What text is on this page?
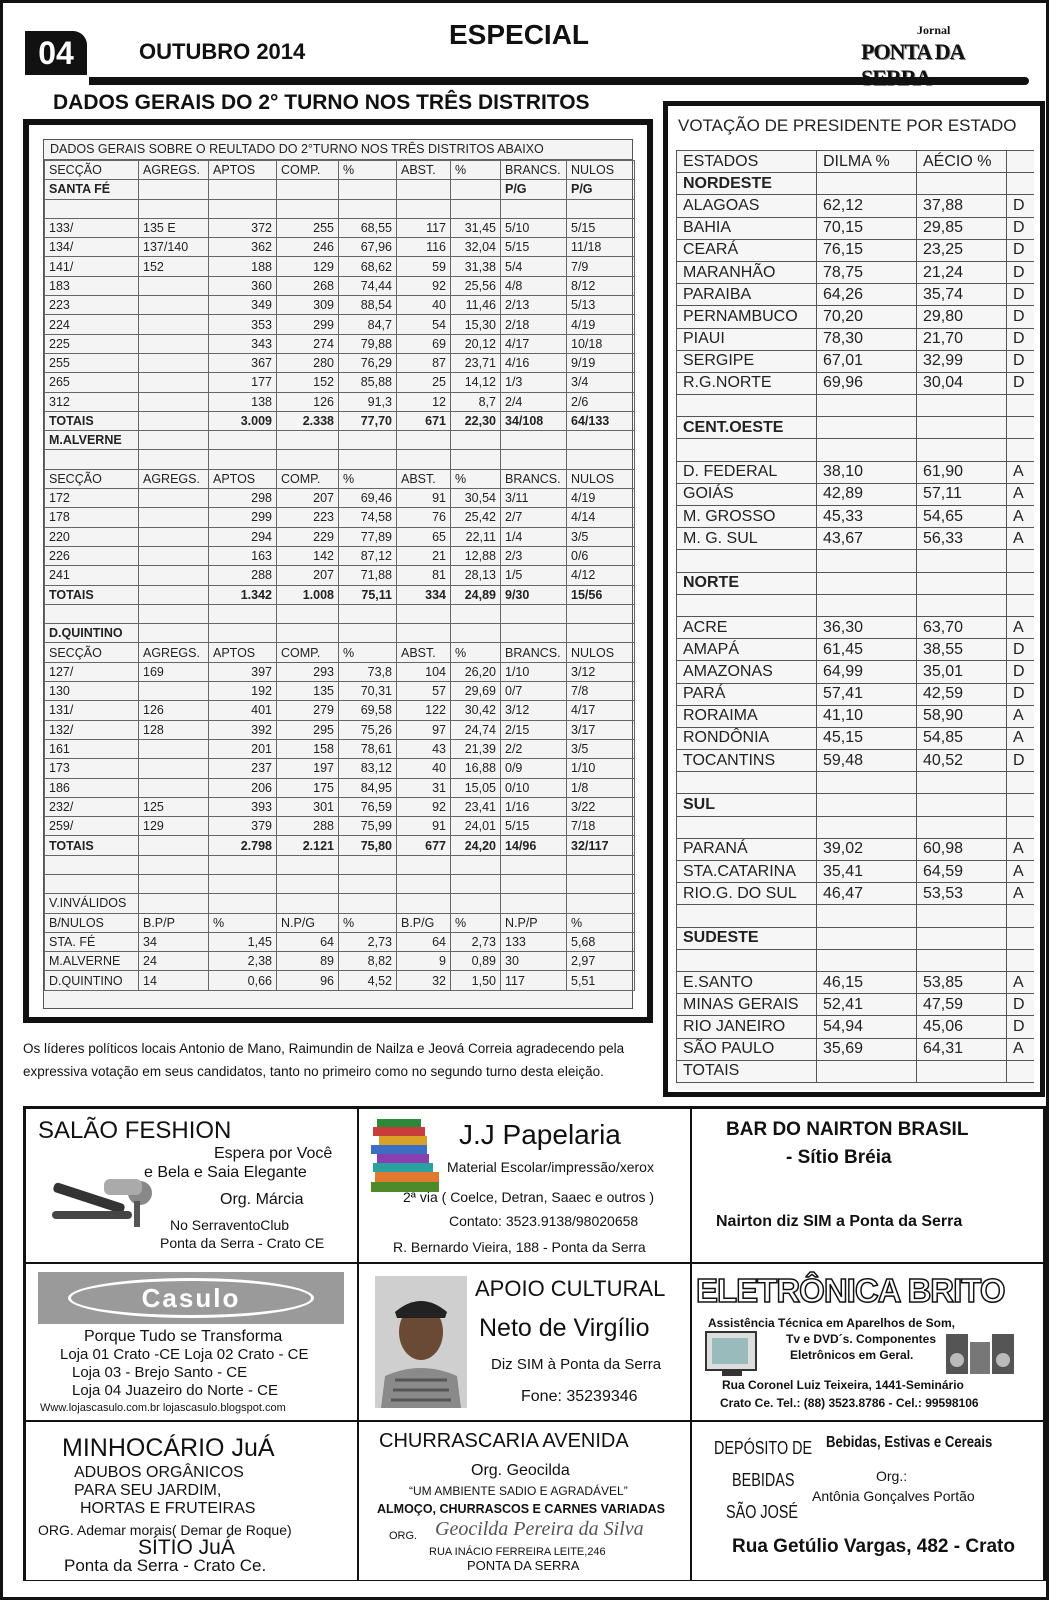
04	OUTUBRO 2014
ESPECIAL	Jornal
PONTA DA
DADOS GERAIS DO 2° TURNO NOS TRÊS DISTRITOS
DADOS GERAIS SOBRE O REULTADO DO 2°TURNO NOS TRÊS DISTRITOS ABAIXO
SECÇÃO	AGREGS.	APTOS	COMP.	%	ABST.	%	BRANCS.	NULOS
SANTA FÉ							P/G	P/G

133/	135 E	372	255	68,55	117	31,45	5/10	5/15
134/	137/140	362	246	67,96	116	32,04	5/15	11/18
141/	152	188	129	68,62	59	31,38	5/4	7/9
183		360	268	74,44	92	25,56	4/8	8/12
223		349	309	88,54	40	11,46	2/13	5/13
224		353	299	84,7	54	15,30	2/18	4/19
225		343	274	79,88	69	20,12	4/17	10/18
255		367	280	76,29	87	23,71	4/16	9/19
265		177	152	85,88	25	14,12	1/3	3/4
312		138	126	91,3	12	8,7	2/4	2/6
TOTAIS		3.009	2.338	77,70	671	22,30	34/108	64/133
M.ALVERNE								

SECÇÃO	AGREGS.	APTOS	COMP.	%	ABST.	%	BRANCS.	NULOS
172		298	207	69,46	91	30,54	3/11	4/19
178		299	223	74,58	76	25,42	2/7	4/14
220		294	229	77,89	65	22,11	1/4	3/5
226		163	142	87,12	21	12,88	2/3	0/6
241		288	207	71,88	81	28,13	1/5	4/12
TOTAIS		1.342	1.008	75,11	334	24,89	9/30	15/56

D.QUINTINO								
SECÇÃO	AGREGS.	APTOS	COMP.	%	ABST.	%	BRANCS.	NULOS
127/	169	397	293	73,8	104	26,20	1/10	3/12
130		192	135	70,31	57	29,69	0/7	7/8
131/	126	401	279	69,58	122	30,42	3/12	4/17
132/	128	392	295	75,26	97	24,74	2/15	3/17
161		201	158	78,61	43	21,39	2/2	3/5
173		237	197	83,12	40	16,88	0/9	1/10
186		206	175	84,95	31	15,05	0/10	1/8
232/	125	393	301	76,59	92	23,41	1/16	3/22
259/	129	379	288	75,99	91	24,01	5/15	7/18
TOTAIS		2.798	2.121	75,80	677	24,20	14/96	32/117

V.INVÁLIDOS								
B/NULOS	B.P/P	%	N.P/G	%	B.P/G	%	N.P/P	%
STA. FÉ	34	1,45	64	2,73	64	2,73	133	5,68
M.ALVERNE	24	2,38	89	8,82	9	0,89	30	2,97
D.QUINTINO	14	0,66	96	4,52	32	1,50	117	5,51
Os líderes políticos locais Antonio de Mano, Raimundin de Nailza e Jeová Correia agradecendo pela expressiva votação em seus candidatos, tanto no primeiro como no segundo turno desta eleição.
VOTAÇÃO DE PRESIDENTE POR ESTADO
ESTADOS	DILMA %	AÉCIO %	
NORDESTE			
ALAGOAS	62,12	37,88	D
BAHIA	70,15	29,85	D
CEARÁ	76,15	23,25	D
MARANHÃO	78,75	21,24	D
PARAIBA	64,26	35,74	D
PERNAMBUCO	70,20	29,80	D
PIAUI	78,30	21,70	D
SERGIPE	67,01	32,99	D
R.G.NORTE	69,96	30,04	D

CENT.OESTE			

D. FEDERAL	38,10	61,90	A
GOIÁS	42,89	57,11	A
M. GROSSO	45,33	54,65	A
M. G. SUL	43,67	56,33	A

NORTE			

ACRE	36,30	63,70	A
AMAPÁ	61,45	38,55	D
AMAZONAS	64,99	35,01	D
PARÁ	57,41	42,59	D
RORAIMA	41,10	58,90	A
RONDÔNIA	45,15	54,85	A
TOCANTINS	59,48	40,52	D

SUL			

PARANÁ	39,02	60,98	A
STA.CATARINA	35,41	64,59	A
RIO.G. DO SUL	46,47	53,53	A

SUDESTE			

E.SANTO	46,15	53,85	A
MINAS GERAIS	52,41	47,59	D
RIO JANEIRO	54,94	45,06	D
SÃO PAULO	35,69	64,31	A
TOTAIS			
SALÃO FESHION
Espera por Você
e Bela e Saia Elegante
Org. Márcia
No SerraventoClub
Ponta da Serra - Crato CE
J.J Papelaria
Material Escolar/impressão/xerox
2ª via ( Coelce, Detran, Saaec e outros )
Contato: 3523.9138/98020658
R. Bernardo Vieira, 188 - Ponta da Serra
BAR DO NAIRTON BRASIL
- Sítio Bréia
Nairton diz SIM a Ponta da Serra
Casulo
Porque Tudo se Transforma
Loja 01 Crato -CE Loja 02 Crato - CE
Loja 03 - Brejo Santo - CE
Loja 04 Juazeiro do Norte - CE
Www.lojascasulo.com.br lojascasulo.blogspot.com
APOIO CULTURAL
Neto de Virgílio
Diz SIM à Ponta da Serra
Fone: 35239346
ELETRÔNICA BRITO
Assistência Técnica em Aparelhos de Som,
Tv e DVD´s. Componentes
Eletrônicos em Geral.
Rua Coronel Luiz Teixeira, 1441-Seminário
Crato Ce. Tel.: (88) 3523.8786 - Cel.: 99598106
MINHOCÁRIO JuÁ
ADUBOS ORGÂNICOS
PARA SEU JARDIM,
HORTAS E FRUTEIRAS
ORG. Ademar morais( Demar de Roque)
SÍTIO JuÁ
Ponta da Serra - Crato Ce.
CHURRASCARIA AVENIDA
Org. Geocilda
“UM AMBIENTE SADIO E AGRADÁVEL”
ALMOÇO, CHURRASCOS E CARNES VARIADAS
ORG. Geocilda Pereira da Silva
RUA INÁCIO FERREIRA LEITE,246
PONTA DA SERRA
DEPÓSITO DE
BEBIDAS
SÃO JOSÉ
Bebidas, Estivas e Cereais
Org.:
Antônia Gonçalves Portão
Rua Getúlio Vargas, 482 - Crato
